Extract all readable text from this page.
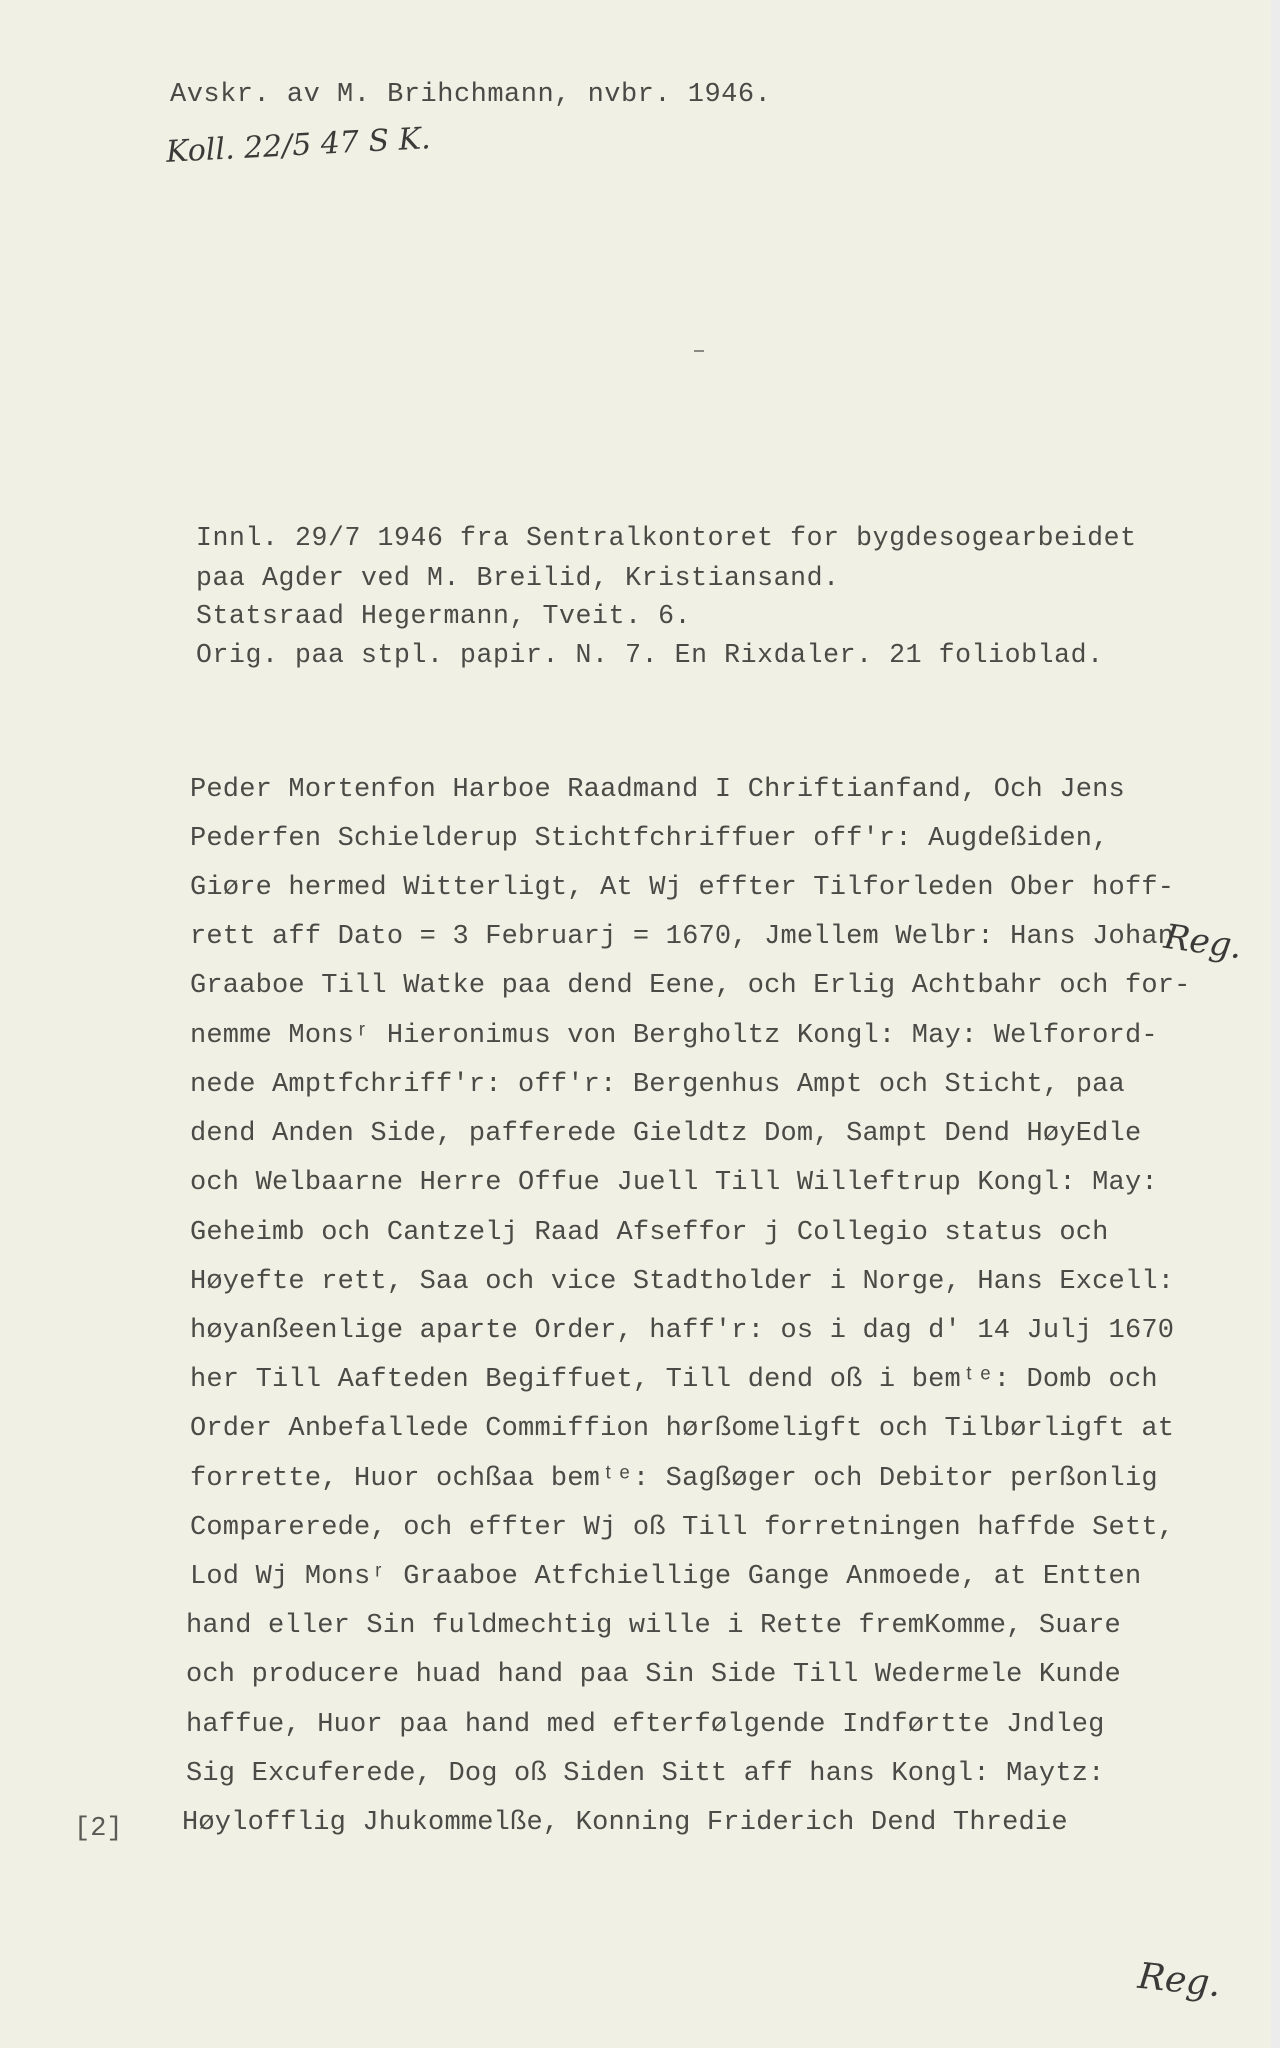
Avskr. av M. Brihchmann, nvbr. 1946.
Koll. 22/5 47 S K.
Innl. 29/7 1946 fra Sentralkontoret for bygdesogearbeidet
paa Agder ved M. Breilid, Kristiansand.
Statsraad Hegermann, Tveit. 6.
Orig. paa stpl. papir. N. 7. En Rixdaler. 21 folioblad.
Peder Mortenfon Harboe Raadmand I Chriftianfand, Och Jens
Pederfen Schielderup Stichtfchriffuer off'r: Augdeßiden,
Giøre hermed Witterligt, At Wj effter Tilforleden Ober hoff-
rett aff Dato = 3 Februarj = 1670, Jmellem Welbr: Hans Johan
Graaboe Till Watke paa dend Eene, och Erlig Achtbahr och for-
nemme Monsʳ Hieronimus von Bergholtz Kongl: May: Welforord-
nede Amptfchriff'r: off'r: Bergenhus Ampt och Sticht, paa
dend Anden Side, pafferede Gieldtz Dom, Sampt Dend HøyEdle
och Welbaarne Herre Offue Juell Till Willeftrup Kongl: May:
Geheimb och Cantzelj Raad Afseffor j Collegio status och
Høyefte rett, Saa och vice Stadtholder i Norge, Hans Excell:
høyanßeenlige aparte Order, haff'r: os i dag d' 14 Julj 1670
her Till Aafteden Begiffuet, Till dend oß i bemᵗᵉ: Domb och
Order Anbefallede Commiffion hørßomeligft och Tilbørligft at
forrette, Huor ochßaa bemᵗᵉ: Sagßøger och Debitor perßonlig
Comparerede, och effter Wj oß Till forretningen haffde Sett,
Lod Wj Monsʳ Graaboe Atfchiellige Gange Anmoede, at Entten
hand eller Sin fuldmechtig wille i Rette fremKomme, Suare
och producere huad hand paa Sin Side Till Wedermele Kunde
haffue, Huor paa hand med efterfølgende Indførtte Jndleg
Sig Excuferede, Dog oß Siden Sitt aff hans Kongl: Maytz:
Høylofflig Jhukommelße, Konning Friderich Dend Thredie
[2]
Reg.
Reg.
